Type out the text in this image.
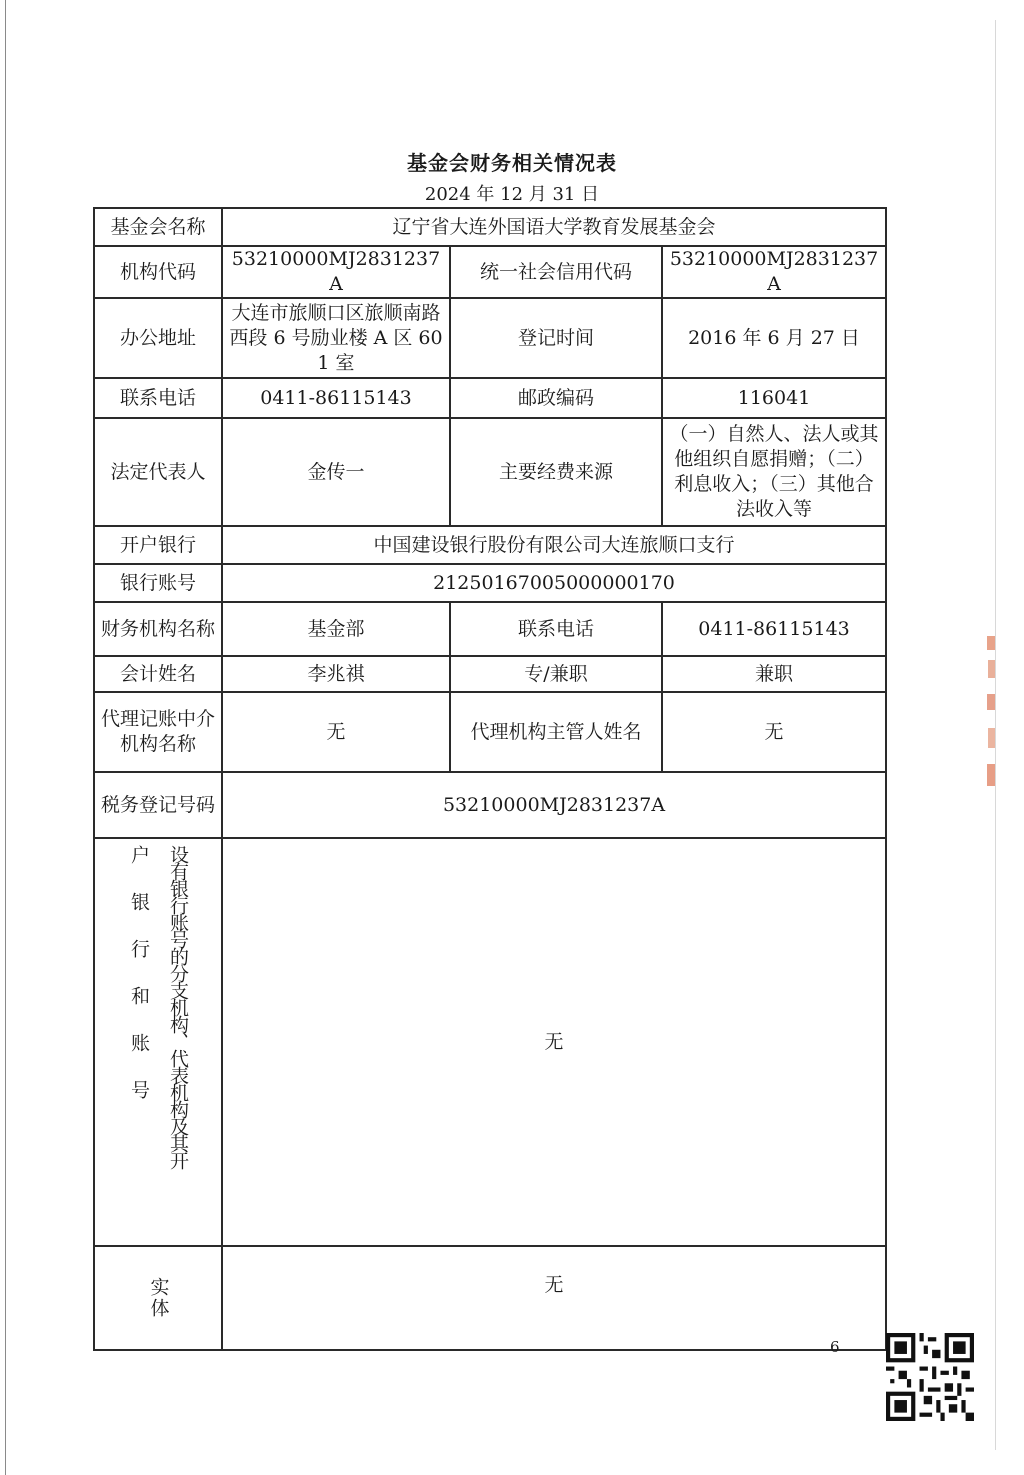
基金会财务相关情况表
2024 年 12 月 31 日
基金会名称	辽宁省大连外国语大学教育发展基金会		
机构代码	53210000MJ2831237A	统一社会信用代码	53210000MJ2831237A
办公地址	大连市旅顺口区旅顺南路西段 6 号励业楼 A 区 601 室	登记时间	2016 年 6 月 27 日
联系电话	0411-86115143	邮政编码	116041
法定代表人	金传一	主要经费来源	（一）自然人、法人或其他组织自愿捐赠；（二）利息收入；（三）其他合法收入等
开户银行	中国建设银行股份有限公司大连旅顺口支行		
银行账号	21250167005000000170		
财务机构名称	基金部	联系电话	0411-86115143
会计姓名	李兆祺	专/兼职	兼职
代理记账中介机构名称	无	代理机构主管人姓名	无
税务登记号码	53210000MJ2831237A		

户银行和账号 设有银行账号的分支机构、代表机构及其开	无		
实体	无		
6
